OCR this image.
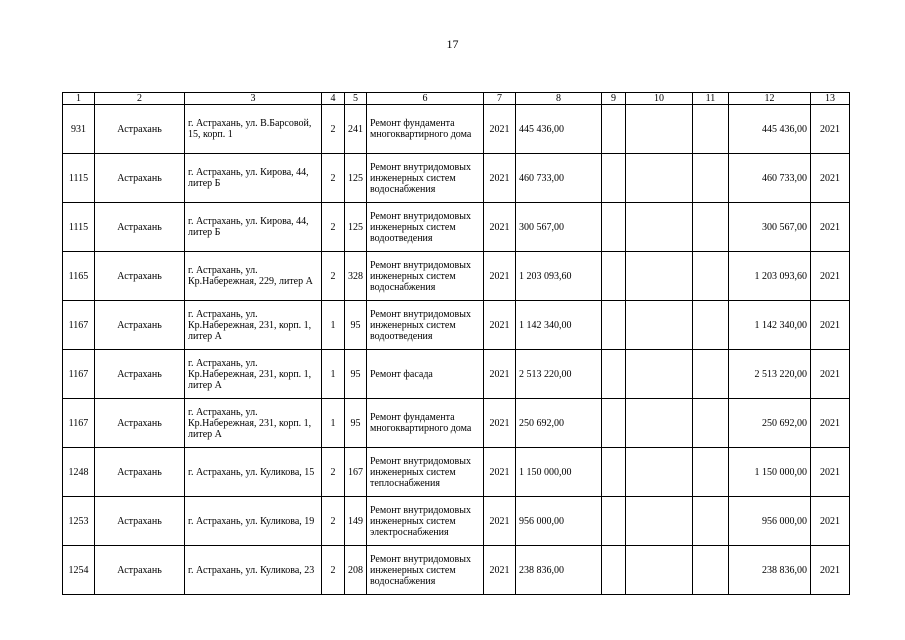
17
1	2	3	4	5	6	7	8	9	10	11	12	13
931	Астрахань	г. Астрахань, ул. В.Барсовой, 15, корп. 1	2	241	Ремонт фундамента многоквартирного дома	2021	445 436,00				445 436,00	2021
1115	Астрахань	г. Астрахань, ул. Кирова, 44, литер Б	2	125	Ремонт внутридомовых инженерных систем водоснабжения	2021	460 733,00				460 733,00	2021
1115	Астрахань	г. Астрахань, ул. Кирова, 44, литер Б	2	125	Ремонт внутридомовых инженерных систем водоотведения	2021	300 567,00				300 567,00	2021
1165	Астрахань	г. Астрахань, ул. Кр.Набережная, 229, литер А	2	328	Ремонт внутридомовых инженерных систем водоснабжения	2021	1 203 093,60				1 203 093,60	2021
1167	Астрахань	г. Астрахань, ул. Кр.Набережная, 231, корп. 1, литер А	1	95	Ремонт внутридомовых инженерных систем водоотведения	2021	1 142 340,00				1 142 340,00	2021
1167	Астрахань	г. Астрахань, ул. Кр.Набережная, 231, корп. 1, литер А	1	95	Ремонт фасада	2021	2 513 220,00				2 513 220,00	2021
1167	Астрахань	г. Астрахань, ул. Кр.Набережная, 231, корп. 1, литер А	1	95	Ремонт фундамента многоквартирного дома	2021	250 692,00				250 692,00	2021
1248	Астрахань	г. Астрахань, ул. Куликова, 15	2	167	Ремонт внутридомовых инженерных систем теплоснабжения	2021	1 150 000,00				1 150 000,00	2021
1253	Астрахань	г. Астрахань, ул. Куликова, 19	2	149	Ремонт внутридомовых инженерных систем электроснабжения	2021	956 000,00				956 000,00	2021
1254	Астрахань	г. Астрахань, ул. Куликова, 23	2	208	Ремонт внутридомовых инженерных систем водоснабжения	2021	238 836,00				238 836,00	2021
